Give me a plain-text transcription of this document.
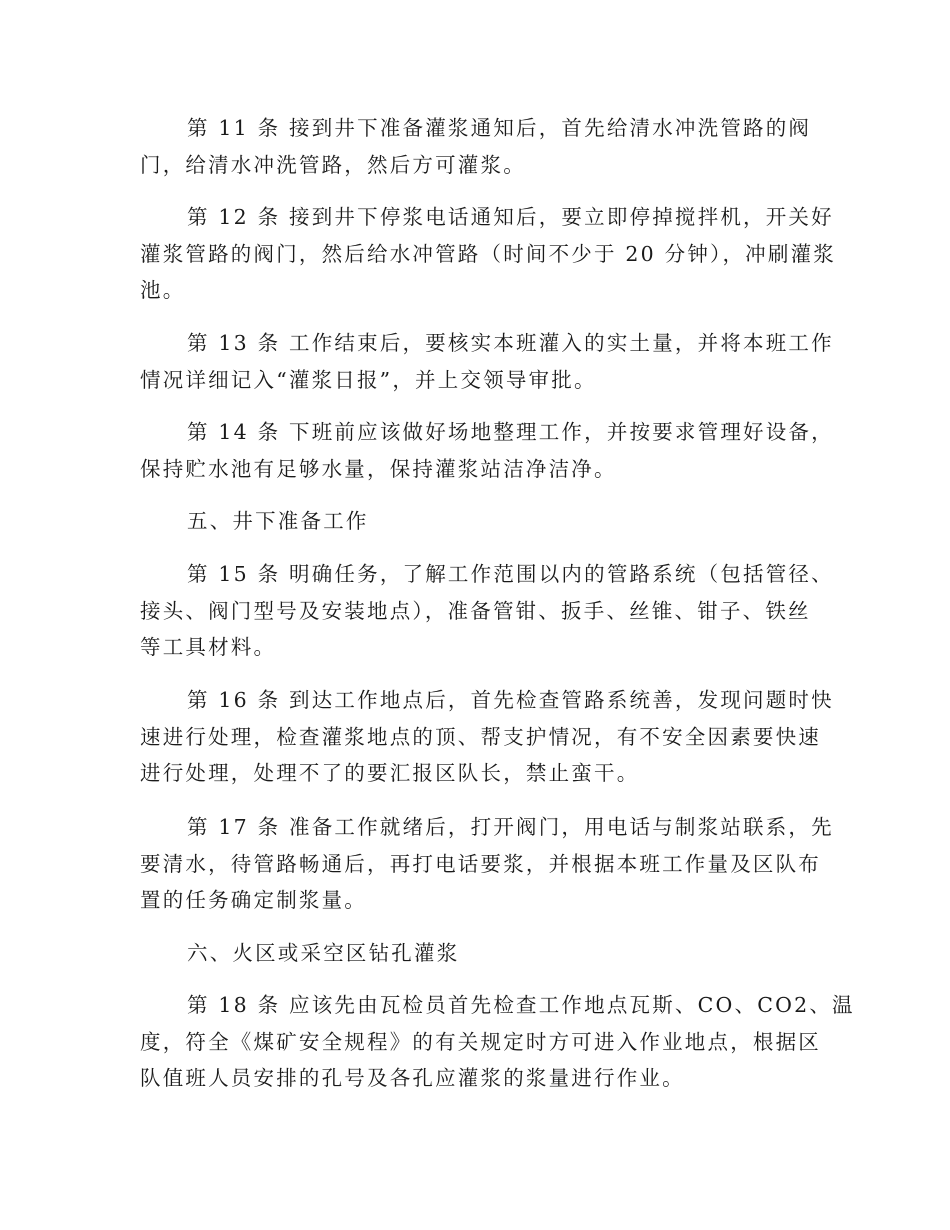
第 11 条 接到井下准备灌浆通知后，首先给清水冲洗管路的阀
门，给清水冲洗管路，然后方可灌浆。

第 12 条 接到井下停浆电话通知后，要立即停掉搅拌机，开关好
灌浆管路的阀门，然后给水冲管路（时间不少于 20 分钟），冲刷灌浆
池。

第 13 条 工作结束后，要核实本班灌入的实土量，并将本班工作
情况详细记入“灌浆日报”，并上交领导审批。

第 14 条 下班前应该做好场地整理工作，并按要求管理好设备，
保持贮水池有足够水量，保持灌浆站洁净洁净。

五、井下准备工作

第 15 条 明确任务，了解工作范围以内的管路系统（包括管径、
接头、阀门型号及安装地点），准备管钳、扳手、丝锥、钳子、铁丝
等工具材料。

第 16 条 到达工作地点后，首先检查管路系统善，发现问题时快
速进行处理，检查灌浆地点的顶、帮支护情况，有不安全因素要快速
进行处理，处理不了的要汇报区队长，禁止蛮干。

第 17 条 准备工作就绪后，打开阀门，用电话与制浆站联系，先
要清水，待管路畅通后，再打电话要浆，并根据本班工作量及区队布
置的任务确定制浆量。

六、火区或采空区钻孔灌浆

第 18 条 应该先由瓦检员首先检查工作地点瓦斯、CO、CO2、温
度，符全《煤矿安全规程》的有关规定时方可进入作业地点，根据区
队值班人员安排的孔号及各孔应灌浆的浆量进行作业。
